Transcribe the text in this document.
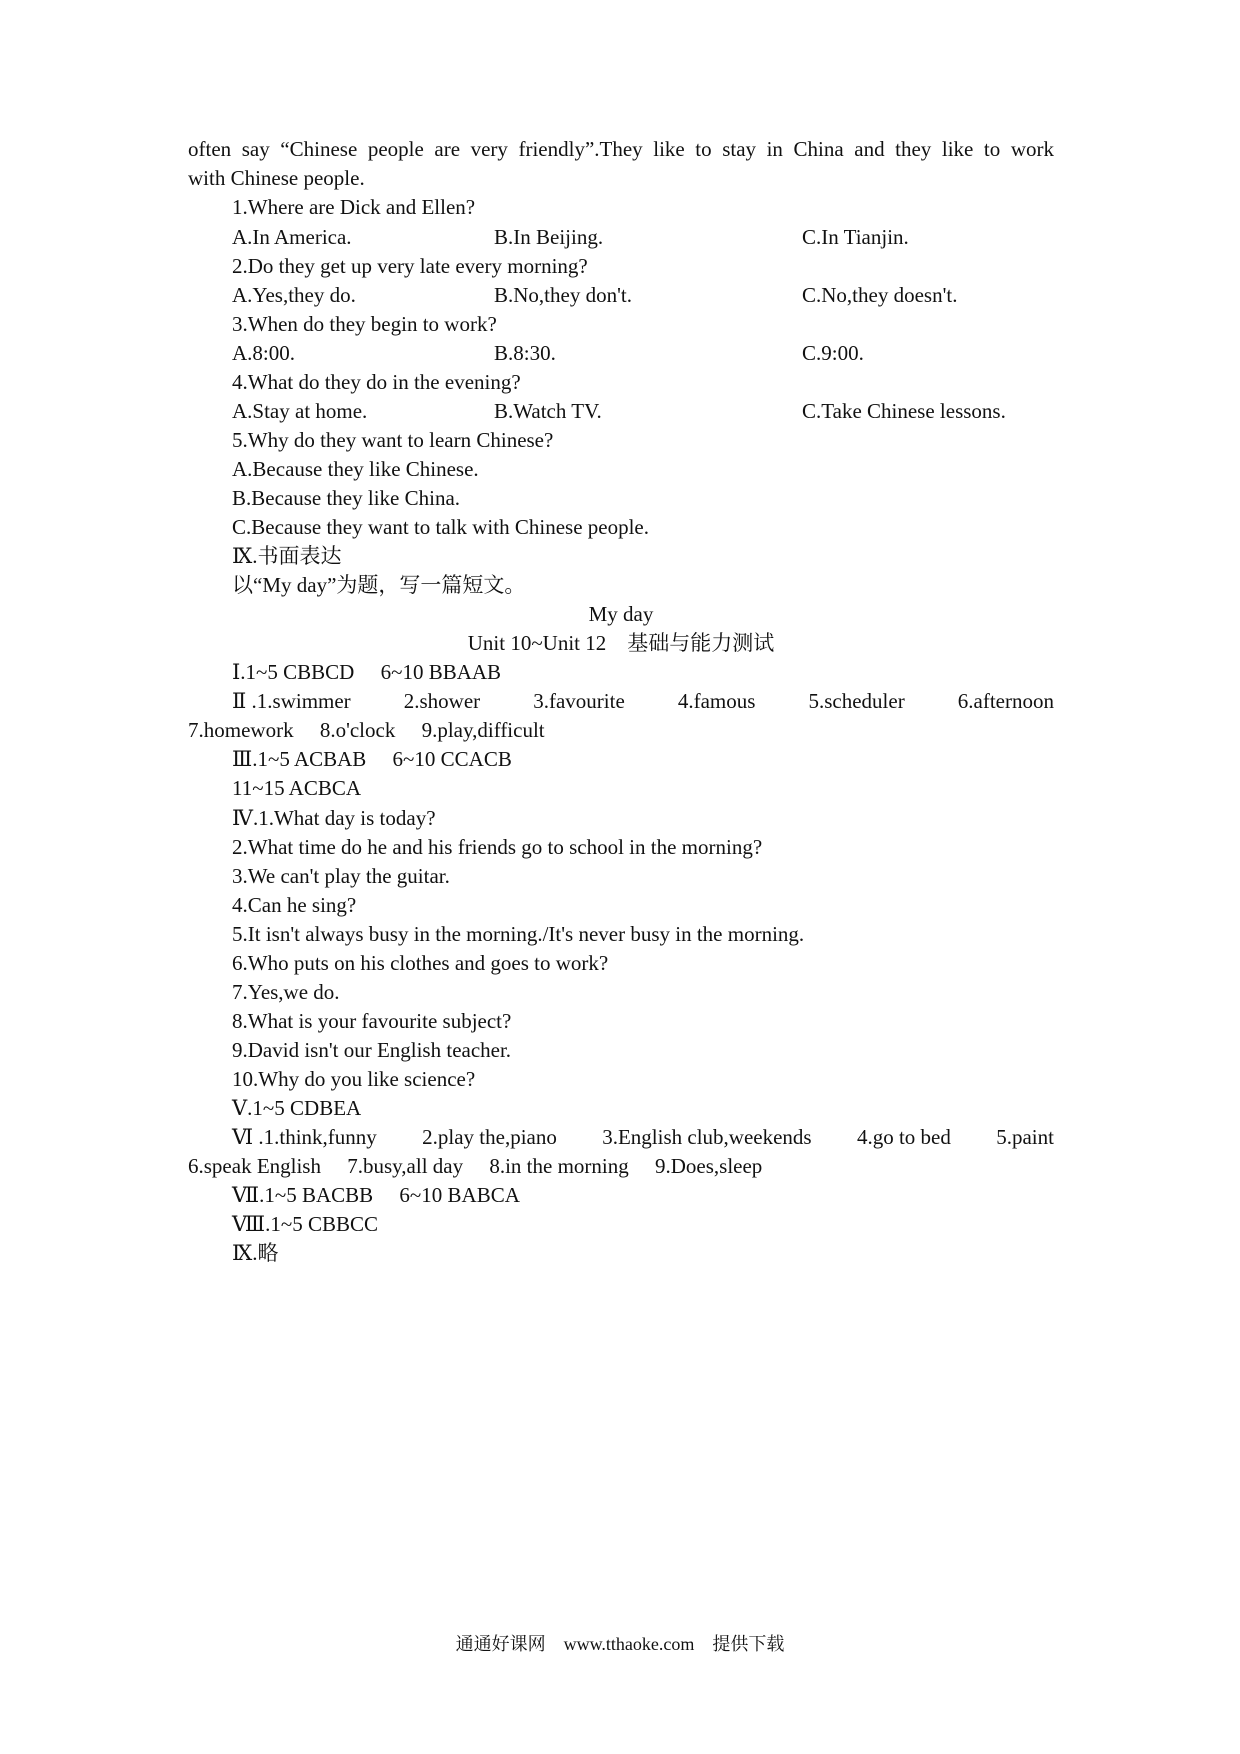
often say “Chinese people are very friendly”.They like to stay in China and they like to work
with Chinese people.
1.Where are Dick and Ellen?
A.In America.	B.In Beijing.	C.In Tianjin.
2.Do they get up very late every morning?
A.Yes,they do.	B.No,they don't.	C.No,they doesn't.
3.When do they begin to work?
A.8:00.	B.8:30.	C.9:00.
4.What do they do in the evening?
A.Stay at home.	B.Watch TV.	C.Take Chinese lessons.
5.Why do they want to learn Chinese?
A.Because they like Chinese.
B.Because they like China.
C.Because they want to talk with Chinese people.
Ⅸ.书面表达
以“My day”为题，写一篇短文。
My day
Unit 10~Unit 12　基础与能力测试
Ⅰ.1~5 CBBCD　 6~10 BBAAB
Ⅱ .1.swimmer	2.shower	3.favourite	4.famous	5.scheduler	6.afternoon
7.homework　 8.o'clock　 9.play,difficult
Ⅲ.1~5 ACBAB　 6~10 CCACB
11~15 ACBCA
Ⅳ.1.What day is today?
2.What time do he and his friends go to school in the morning?
3.We can't play the guitar.
4.Can he sing?
5.It isn't always busy in the morning./It's never busy in the morning.
6.Who puts on his clothes and goes to work?
7.Yes,we do.
8.What is your favourite subject?
9.David isn't our English teacher.
10.Why do you like science?
Ⅴ.1~5 CDBEA
Ⅵ .1.think,funny 2.play the,piano 3.English club,weekends 4.go to bed 5.paint
6.speak English　 7.busy,all day　 8.in the morning　 9.Does,sleep
Ⅶ.1~5 BACBB　 6~10 BABCA
Ⅷ.1~5 CBBCC
Ⅸ.略
通通好课网　www.tthaoke.com　提供下载
